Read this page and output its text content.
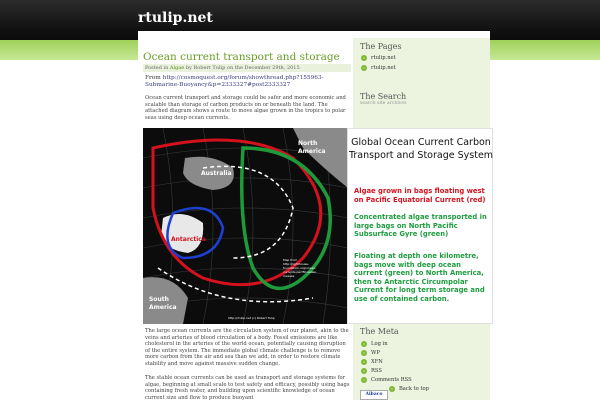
rtulip.net
Ocean current transport and storage
Posted in Algae by Robert Tulip on the December 29th, 2015
From http://cosmoquest.org/forum/showthread.php?155963-Submarine-Buoyancy&p=2333327#post2333327
Ocean current transport and storage could be safer and more economic and scalable than storage of carbon products on or beneath the land. The attached diagram shows a route to move algae grown in the tropics to polar seas using deep ocean currents.
The large ocean currents are the circulation system of our planet, akin to the veins and arteries of blood circulation of a body. Fossil emissions are like cholesterol in the arteries of the world ocean, potentially causing disruption of the entire system. The immediate global climate challenge is to remove more carbon from the air and sea than we add, in order to restore climate stability and move against massive sudden change.
The stable ocean currents can be used as transport and storage systems for algae, beginning at small scale to test safety and efficacy, possibly using bags containing fresh water, and building upon scientific knowledge of ocean current size and flow to produce buoyant
The Pages
»	rtulip.net
»	rtulip.net
The Search
search site archives
The Meta
»	Log in
»	WP
»	XFN
»	RSS
»	Comments RSS
»	Back to top
Aibaco
North
America
Australia
Antarctica
South
America
Map from http://lighthouse-foundation.org/ocean-currents-pacific-water-masses
http://rtulip.net (c) Robert Tulip
Global Ocean Current Carbon Transport and Storage System
Algae grown in bags floating west on Pacific Equatorial Current (red)
Concentrated algae transported in large bags on North Pacific Subsurface Gyre (green)
Floating at depth one kilometre, bags move with deep ocean current (green) to North America, then to Antarctic Circumpolar Current for long term storage and use of contained carbon.
